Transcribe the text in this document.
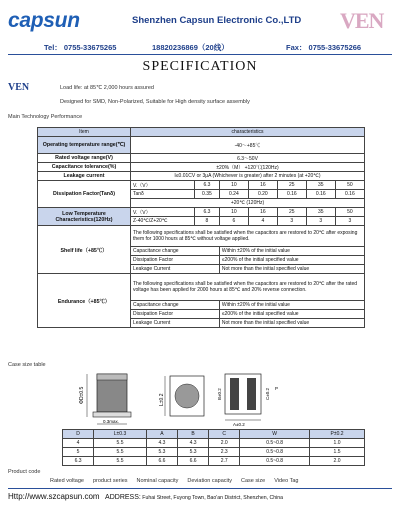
capsun	Shenzhen Capsun Electronic Co.,LTD VEN
Tel： 0755-33675265	18820236869（20线）	Fax： 0755-33675266
SPECIFICATION
VEN	Load life: at 85℃ 2,000 hours assured
Designed for SMD, Non-Polarized, Suitable for High density surface assembly
Main Technology Performance
Item	characteristics						
Operating temperature range(℃)	-40～+85℃						
Rated voltage range(V)	6.3～50V						
Capacitance tolerance(%)	±20%（M） +120℃(120Hz)						
Leakage current	I≤0.01CV or 3μA (Whichever is greater) after 2 minutes (at +20℃)						
Dissipation Factor(Tanδ)	V.（V）	6.3	10	16	25	35	50
	Tanδ	0.35	0.24	0.20	0.16	0.16	0.16
	+20℃ (120Hz)						
Low Temperature Characteristics(120Hz)	V.（V）	6.3	10	16	25	35	50
	Z-40℃/Z+20℃	8	6	4	3	3	3
Shelf life（+85℃）	The following specifications shall be satisfied when the capacitors are restored to 20℃ after exposing them for 1000 hours at 85℃ without voltage applied.						
	Capacitance change		Within ±20% of the initial value				
	Dissipation Factor		≤200% of the initial specified value				
	Leakage Current		Not more than the initial specified value				
Endurance（+85℃）	The following specifications shall be satisfied when the capacitors are restored to 20℃ after the rated voltage has been applied for 2000 hours at 85℃ and 20% reverse connection.						
	Capacitance change		Within ±20% of the initial value				
	Dissipation Factor		≤200% of the initial specified value				
	Leakage Current		Not more than the initial specified value				
Case size table
ΦD±0.5
0.3max.
L±0.2	B±0.2	C±0.2 P
A±0.2
D	L±0.3	A	B	C	W	P±0.2
4	5.5	4.3	4.3	2.0	0.5~0.8	1.0
5	5.5	5.3	5.3	2.3	0.5~0.8	1.5
6.3	5.5	6.6	6.6	2.7	0.5~0.8	2.0
Product code
Rated voltage product series Nominal capacity Deviation capacity Case size Video Tag
Http://www.szcapsun.com ADDRESS: Fuhai Street, Fuyong Town, Bao'an District, Shenzhen, China
